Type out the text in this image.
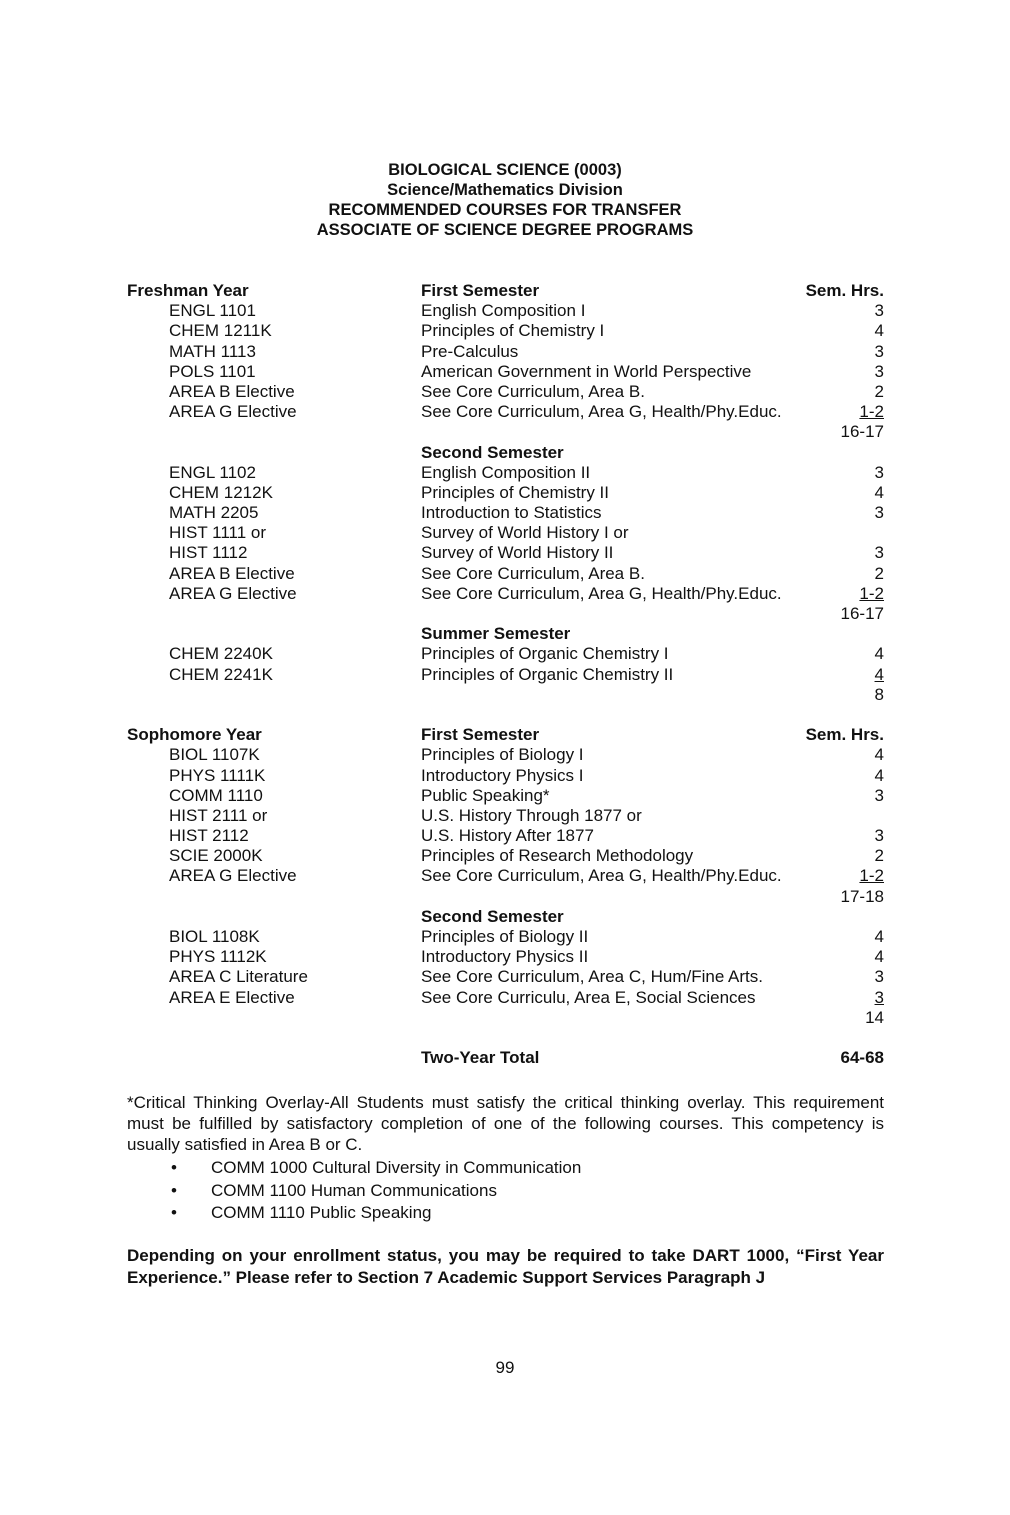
BIOLOGICAL SCIENCE (0003)
Science/Mathematics Division
RECOMMENDED COURSES FOR TRANSFER
ASSOCIATE OF SCIENCE DEGREE PROGRAMS
Freshman Year	First Semester	Sem. Hrs.
ENGL 1101	English Composition I	3
CHEM 1211K	Principles of Chemistry I	4
MATH 1113	Pre-Calculus	3
POLS 1101	American Government in World Perspective	3
AREA B Elective	See Core Curriculum, Area B.	2
AREA G Elective	See Core Curriculum, Area G, Health/Phy.Educ.	1-2
16-17
Second Semester
ENGL 1102	English Composition II	3
CHEM 1212K	Principles of Chemistry II	4
MATH 2205	Introduction to Statistics	3
HIST 1111 or	Survey of World History I or
HIST 1112	Survey of World History II	3
AREA B Elective	See Core Curriculum, Area B.	2
AREA G Elective	See Core Curriculum, Area G, Health/Phy.Educ.	1-2
16-17
Summer Semester
CHEM 2240K	Principles of Organic Chemistry I	4
CHEM 2241K	Principles of Organic Chemistry II	4
8
Sophomore Year	First Semester	Sem. Hrs.
BIOL 1107K	Principles of Biology I	4
PHYS 1111K	Introductory Physics I	4
COMM 1110	Public Speaking*	3
HIST 2111 or	U.S. History Through 1877 or
HIST 2112	U.S. History After 1877	3
SCIE 2000K	Principles of Research Methodology	2
AREA G Elective	See Core Curriculum, Area G, Health/Phy.Educ.	1-2
17-18
Second Semester
BIOL 1108K	Principles of Biology II	4
PHYS 1112K	Introductory Physics II	4
AREA C Literature	See Core Curriculum, Area C, Hum/Fine Arts.	3
AREA E Elective	See Core Curriculu, Area E, Social Sciences	3
14
Two-Year Total	64-68
*Critical Thinking Overlay-All Students must satisfy the critical thinking overlay. This requirement must be fulfilled by satisfactory completion of one of the following courses. This competency is usually satisfied in Area B or C.
• COMM 1000 Cultural Diversity in Communication
• COMM 1100 Human Communications
• COMM 1110 Public Speaking
Depending on your enrollment status, you may be required to take DART 1000, “First Year Experience.” Please refer to Section 7 Academic Support Services Paragraph J
99
